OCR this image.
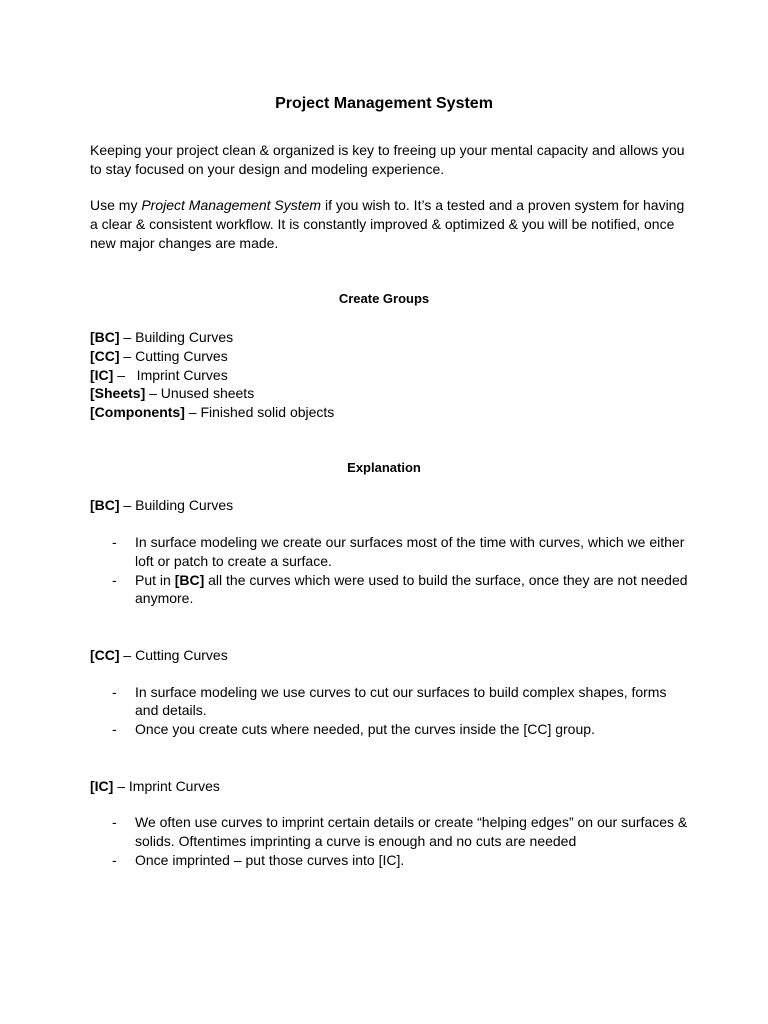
Project Management System

Keeping your project clean & organized is key to freeing up your mental capacity and allows you to stay focused on your design and modeling experience.

Use my Project Management System if you wish to. It’s a tested and a proven system for having a clear & consistent workflow. It is constantly improved & optimized & you will be notified, once new major changes are made.

Create Groups
[BC] – Building Curves
[CC] – Cutting Curves
[IC] –   Imprint Curves
[Sheets] – Unused sheets
[Components] – Finished solid objects
Explanation
[BC] – Building Curves
- In surface modeling we create our surfaces most of the time with curves, which we either loft or patch to create a surface.
- Put in [BC] all the curves which were used to build the surface, once they are not needed anymore.
[CC] – Cutting Curves
- In surface modeling we use curves to cut our surfaces to build complex shapes, forms and details.
- Once you create cuts where needed, put the curves inside the [CC] group.
[IC] – Imprint Curves
- We often use curves to imprint certain details or create “helping edges” on our surfaces & solids. Oftentimes imprinting a curve is enough and no cuts are needed
- Once imprinted – put those curves into [IC].
